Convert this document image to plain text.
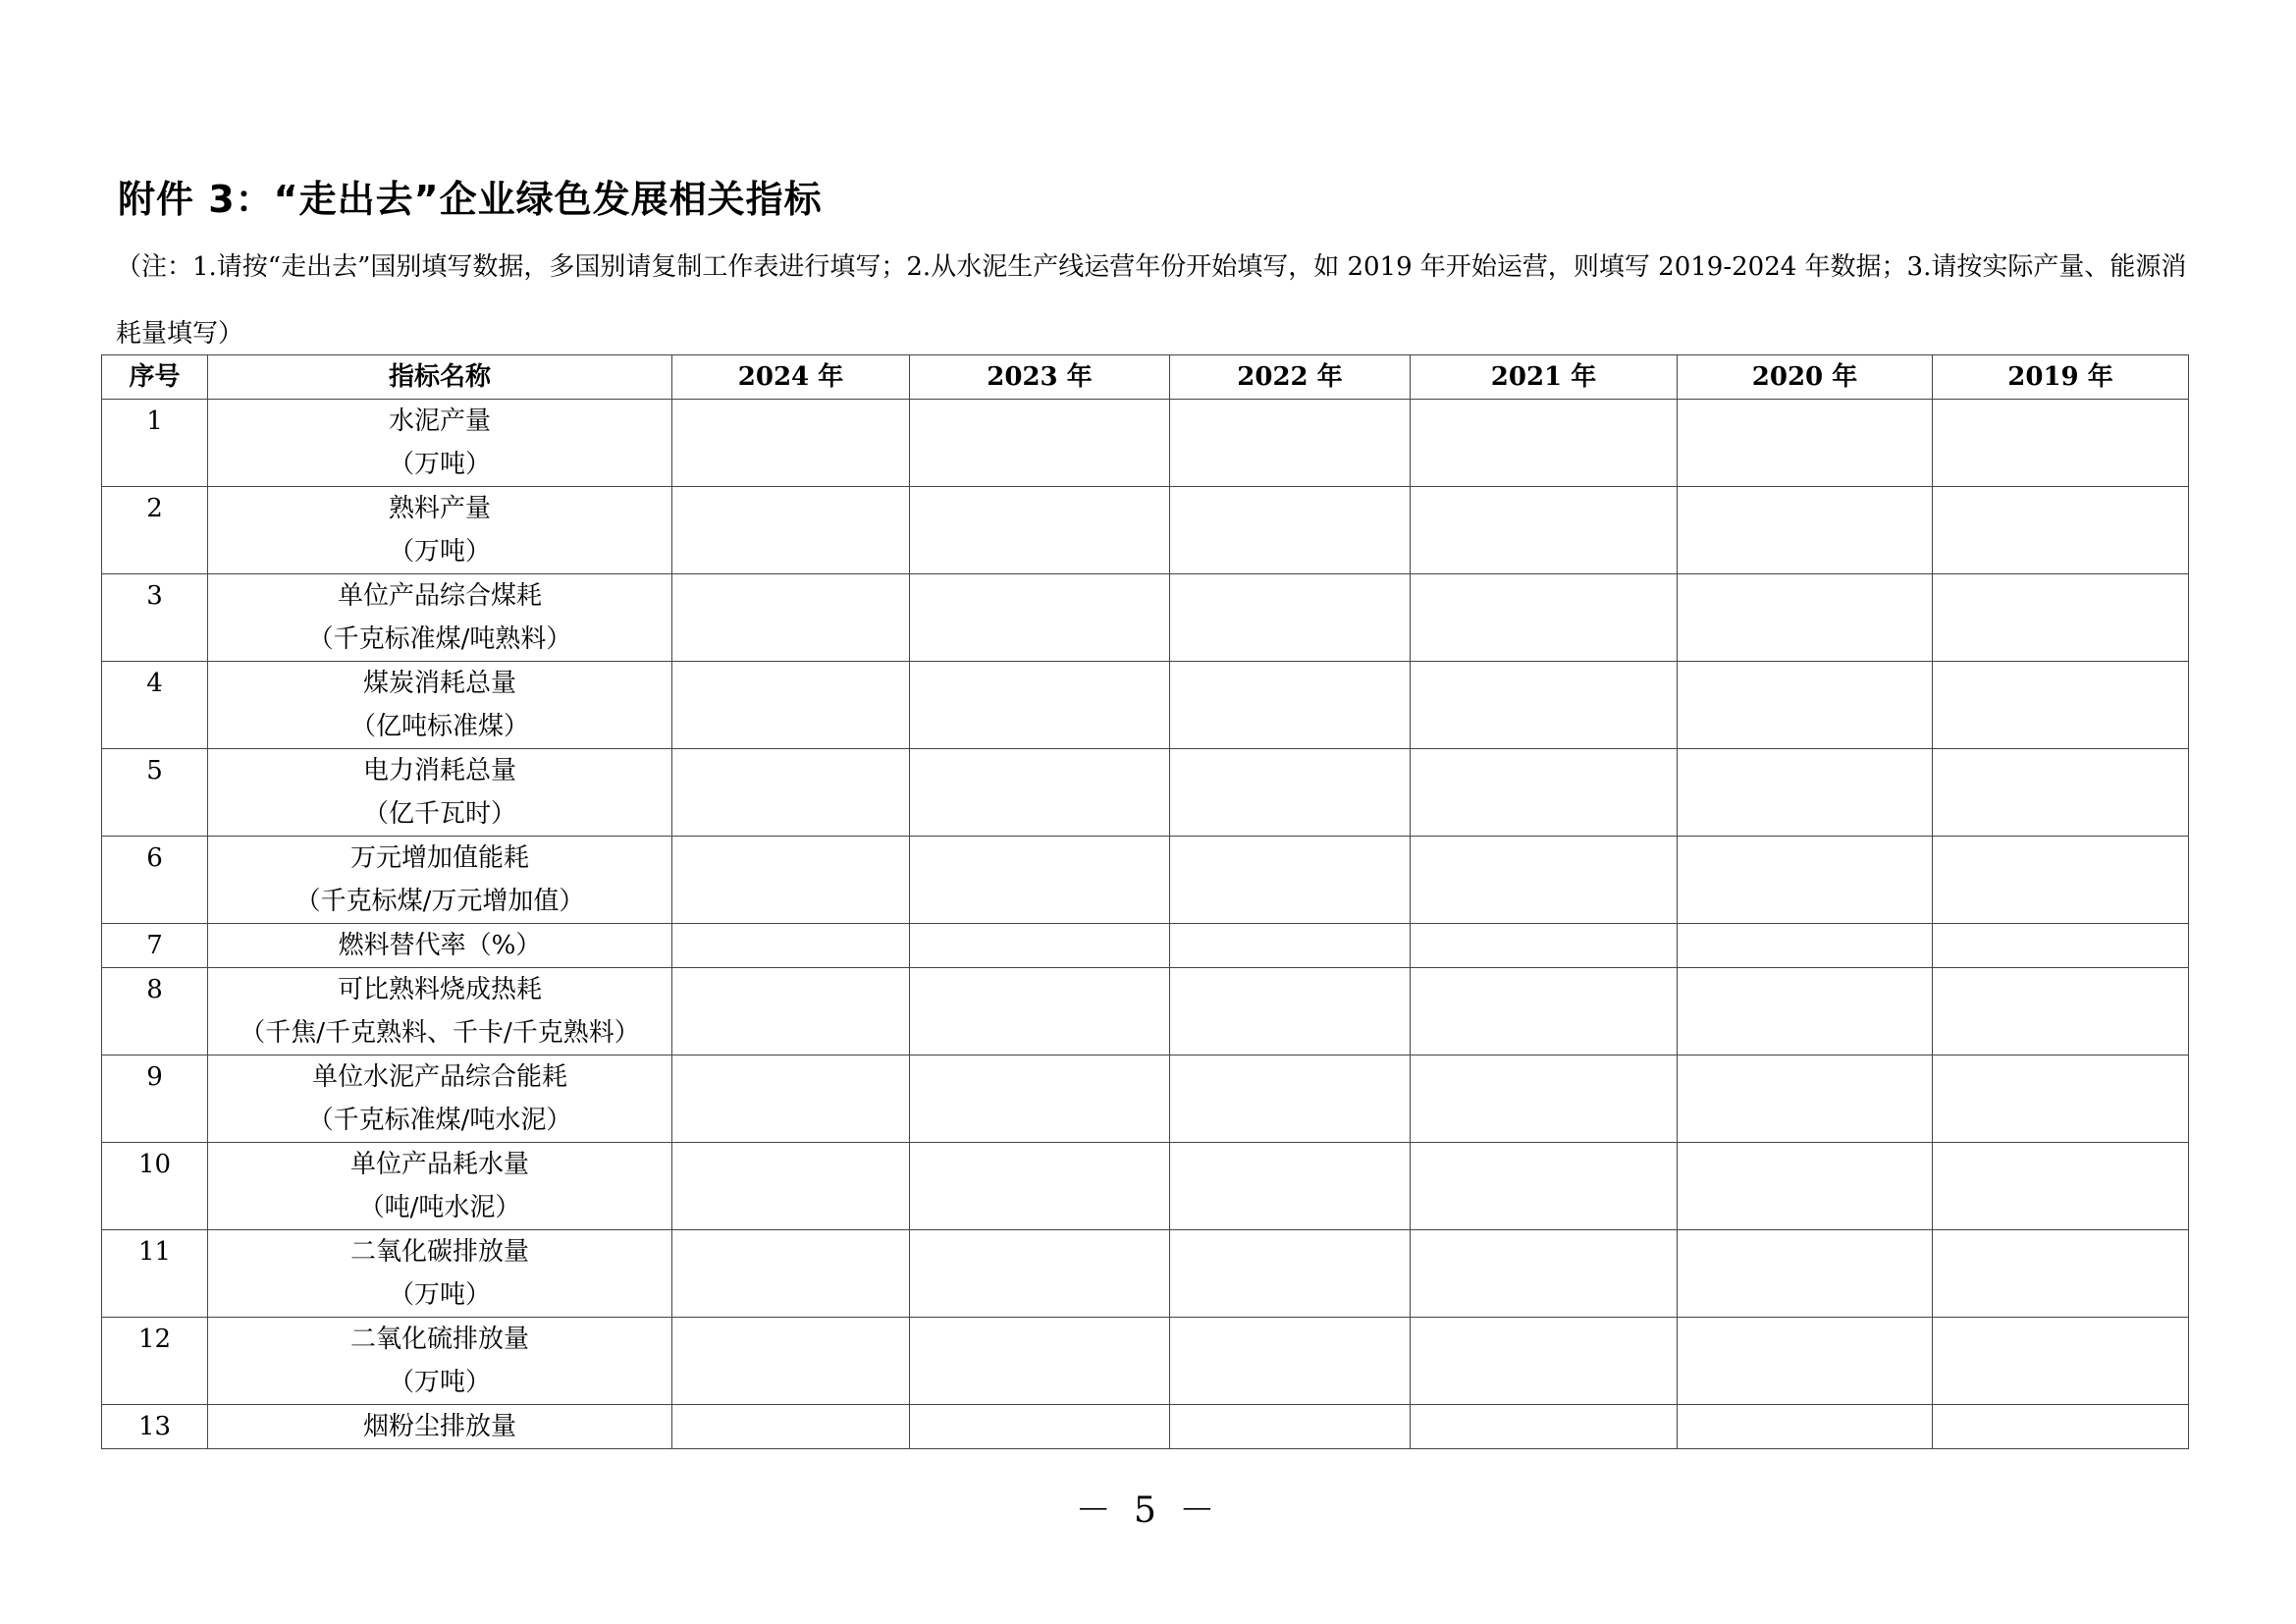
附件 3：“走出去”企业绿色发展相关指标
（注：1.请按“走出去”国别填写数据，多国别请复制工作表进行填写；2.从水泥生产线运营年份开始填写，如 2019 年开始运营，则填写 2019-2024 年数据；3.请按实际产量、能源消耗量填写）
序号	指标名称	2024 年	2023 年	2022 年	2021 年	2020 年	2019 年
1	水泥产量
（万吨）						

2	熟料产量
（万吨）						

3	单位产品综合煤耗
（千克标准煤/吨熟料）						

4	煤炭消耗总量
（亿吨标准煤）						

5	电力消耗总量
（亿千瓦时）						

6	万元增加值能耗
（千克标煤/万元增加值）						

7	燃料替代率（%）						

8	可比熟料烧成热耗
（千焦/千克熟料、千卡/千克熟料）						

9	单位水泥产品综合能耗
（千克标准煤/吨水泥）						

10	单位产品耗水量
（吨/吨水泥）						

11	二氧化碳排放量
（万吨）						

12	二氧化硫排放量
（万吨）						

13	烟粉尘排放量						

－ 5 －
